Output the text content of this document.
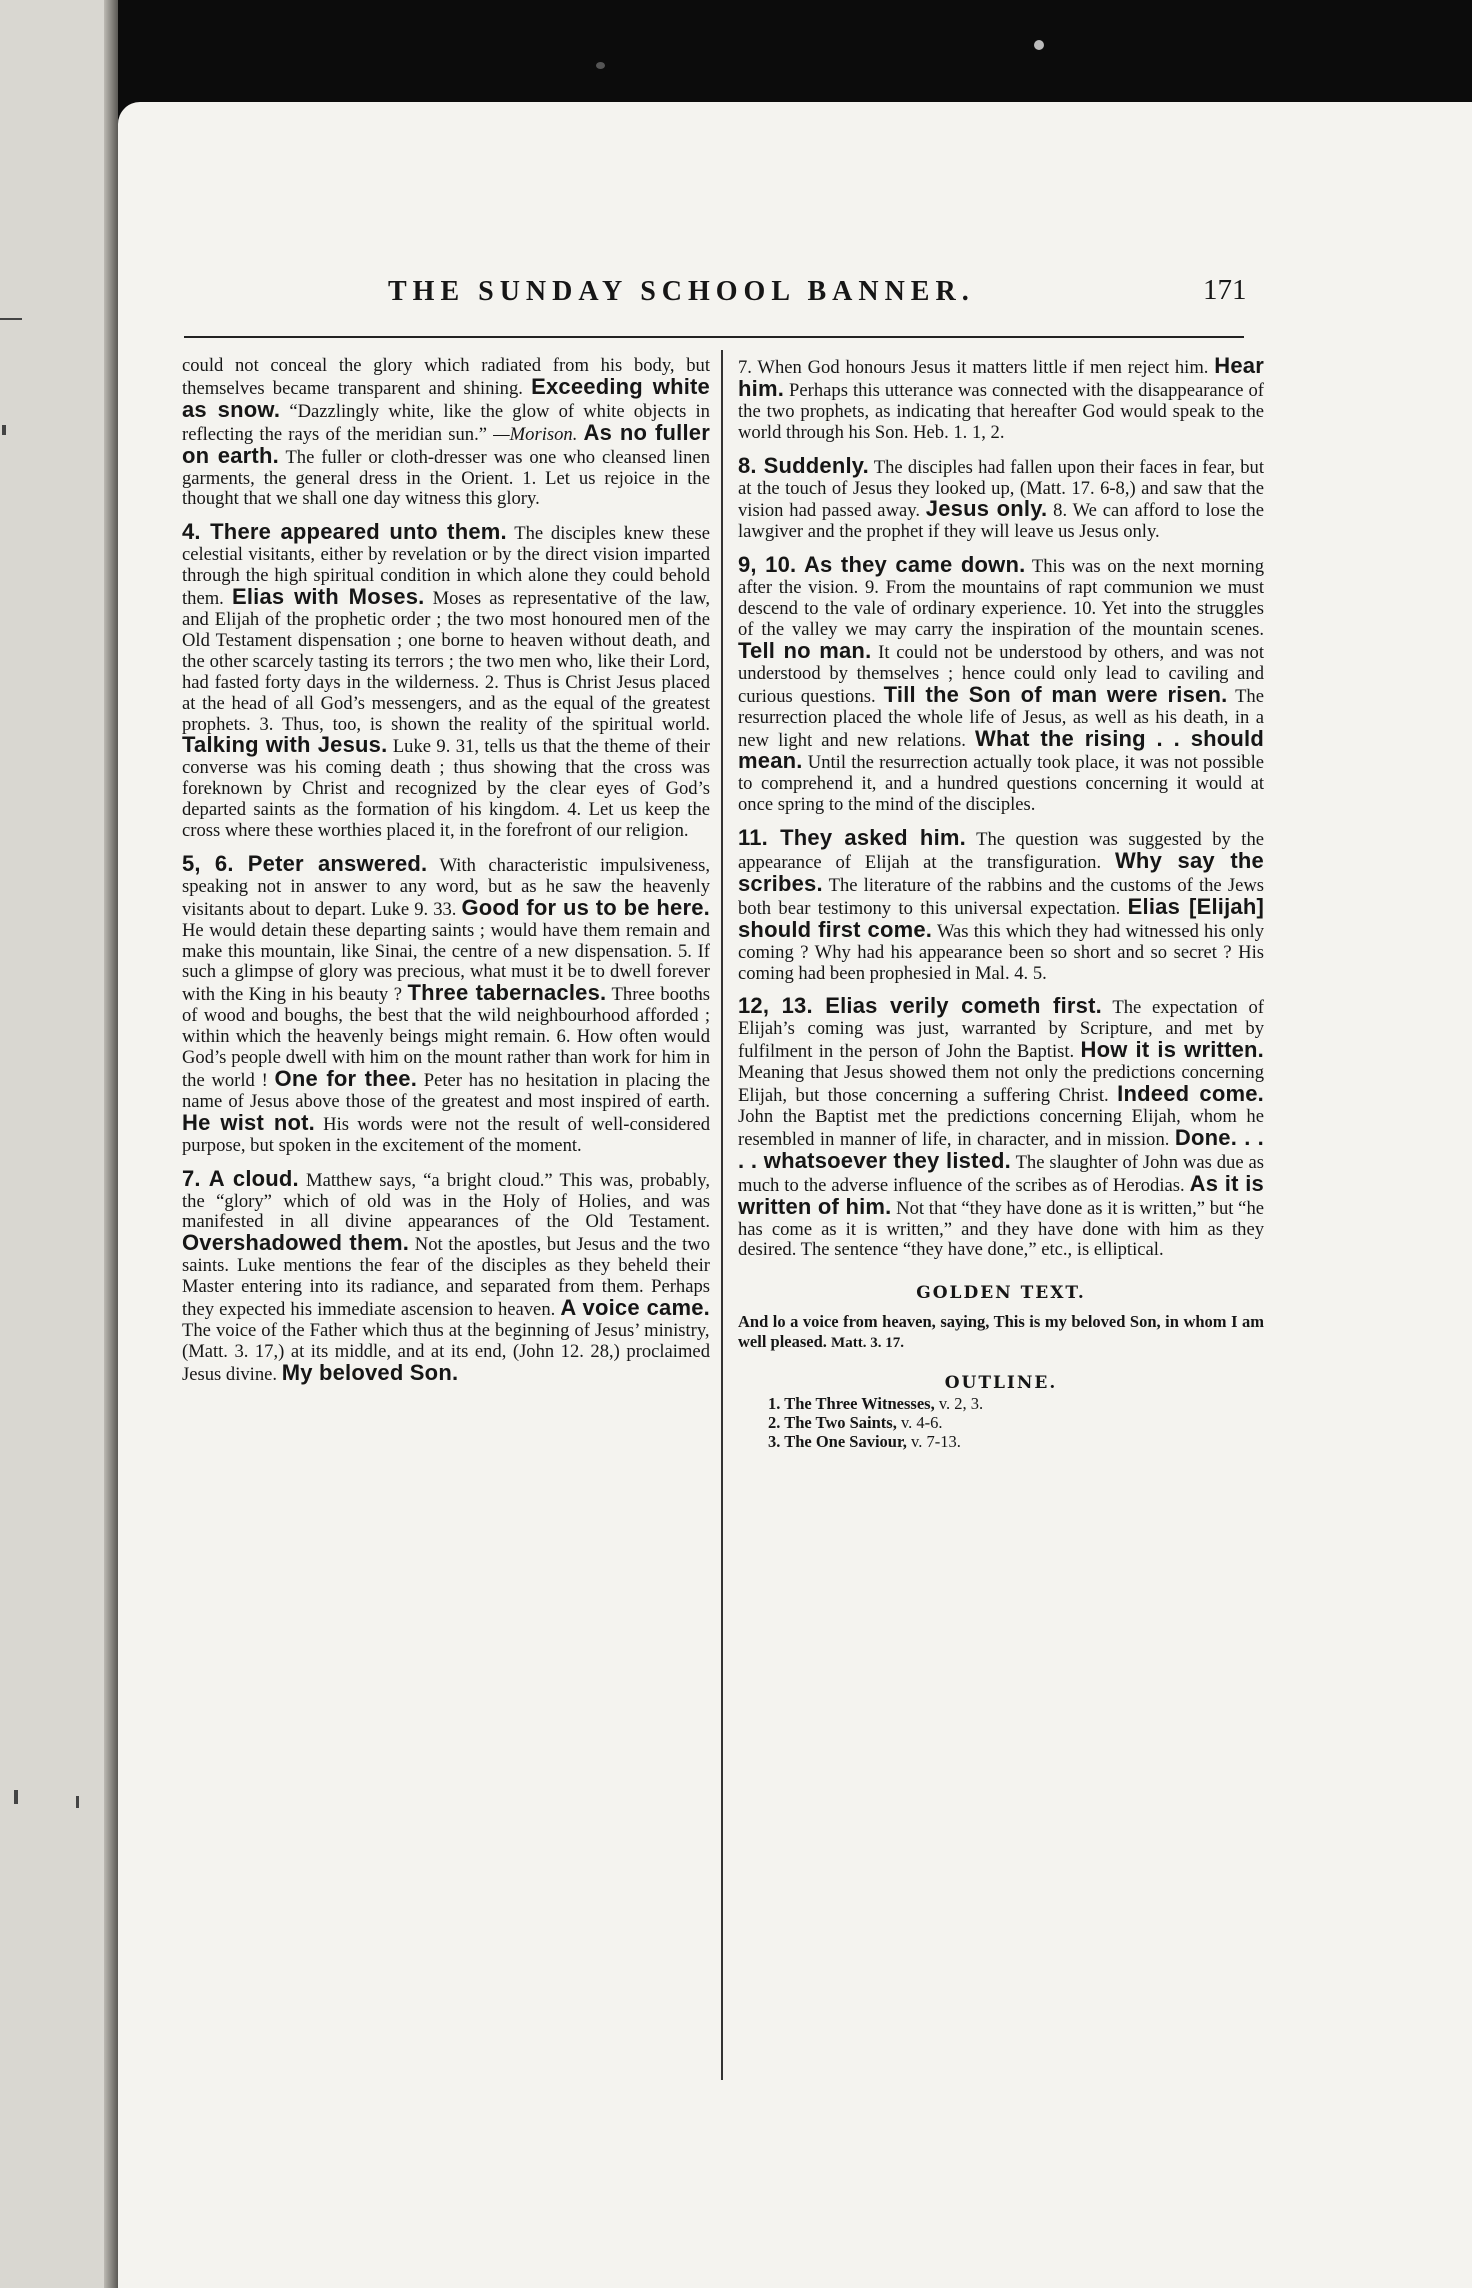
THE SUNDAY SCHOOL BANNER.	171

could not conceal the glory which radiated from his body, but themselves became transparent and shining. Exceeding white as snow. “Dazzlingly white, like the glow of white objects in reflecting the rays of the meridian sun.” —Morison. As no fuller on earth. The fuller or cloth-dresser was one who cleansed linen garments, the general dress in the Orient. 1. Let us rejoice in the thought that we shall one day witness this glory.

4. There appeared unto them. The disciples knew these celestial visitants, either by revelation or by the direct vision imparted through the high spiritual condition in which alone they could behold them. Elias with Moses. Moses as representative of the law, and Elijah of the prophetic order ; the two most honoured men of the Old Testament dispensation ; one borne to heaven without death, and the other scarcely tasting its terrors ; the two men who, like their Lord, had fasted forty days in the wilderness. 2. Thus is Christ Jesus placed at the head of all God’s messengers, and as the equal of the greatest prophets. 3. Thus, too, is shown the reality of the spiritual world. Talking with Jesus. Luke 9. 31, tells us that the theme of their converse was his coming death ; thus showing that the cross was foreknown by Christ and recognized by the clear eyes of God’s departed saints as the formation of his kingdom. 4. Let us keep the cross where these worthies placed it, in the forefront of our religion.

5, 6. Peter answered. With characteristic impulsiveness, speaking not in answer to any word, but as he saw the heavenly visitants about to depart. Luke 9. 33. Good for us to be here. He would detain these departing saints ; would have them remain and make this mountain, like Sinai, the centre of a new dispensation. 5. If such a glimpse of glory was precious, what must it be to dwell forever with the King in his beauty ? Three tabernacles. Three booths of wood and boughs, the best that the wild neighbourhood afforded ; within which the heavenly beings might remain. 6. How often would God’s people dwell with him on the mount rather than work for him in the world ! One for thee. Peter has no hesitation in placing the name of Jesus above those of the greatest and most inspired of earth. He wist not. His words were not the result of well-considered purpose, but spoken in the excitement of the moment.

7. A cloud. Matthew says, “a bright cloud.” This was, probably, the “glory” which of old was in the Holy of Holies, and was manifested in all divine appearances of the Old Testament. Overshadowed them. Not the apostles, but Jesus and the two saints. Luke mentions the fear of the disciples as they beheld their Master entering into its radiance, and separated from them. Perhaps they expected his immediate ascension to heaven. A voice came. The voice of the Father which thus at the beginning of Jesus’ ministry, (Matt. 3. 17,) at its middle, and at its end, (John 12. 28,) proclaimed Jesus divine. My beloved Son.

7. When God honours Jesus it matters little if men reject him. Hear him. Perhaps this utterance was connected with the disappearance of the two prophets, as indicating that hereafter God would speak to the world through his Son. Heb. 1. 1, 2.

8. Suddenly. The disciples had fallen upon their faces in fear, but at the touch of Jesus they looked up, (Matt. 17. 6-8,) and saw that the vision had passed away. Jesus only. 8. We can afford to lose the lawgiver and the prophet if they will leave us Jesus only.

9, 10. As they came down. This was on the next morning after the vision. 9. From the mountains of rapt communion we must descend to the vale of ordinary experience. 10. Yet into the struggles of the valley we may carry the inspiration of the mountain scenes. Tell no man. It could not be understood by others, and was not understood by themselves ; hence could only lead to caviling and curious questions. Till the Son of man were risen. The resurrection placed the whole life of Jesus, as well as his death, in a new light and new relations. What the rising . . should mean. Until the resurrection actually took place, it was not possible to comprehend it, and a hundred questions concerning it would at once spring to the mind of the disciples.

11. They asked him. The question was suggested by the appearance of Elijah at the transfiguration. Why say the scribes. The literature of the rabbins and the customs of the Jews both bear testimony to this universal expectation. Elias [Elijah] should first come. Was this which they had witnessed his only coming ? Why had his appearance been so short and so secret ? His coming had been prophesied in Mal. 4. 5.

12, 13. Elias verily cometh first. The expectation of Elijah’s coming was just, warranted by Scripture, and met by fulfilment in the person of John the Baptist. How it is written. Meaning that Jesus showed them not only the predictions concerning Elijah, but those concerning a suffering Christ. Indeed come. John the Baptist met the predictions concerning Elijah, whom he resembled in manner of life, in character, and in mission. Done. . . . . whatsoever they listed. The slaughter of John was due as much to the adverse influence of the scribes as of Herodias. As it is written of him. Not that “they have done as it is written,” but “he has come as it is written,” and they have done with him as they desired. The sentence “they have done,” etc., is elliptical.

GOLDEN TEXT.
And lo a voice from heaven, saying, This is my beloved Son, in whom I am well pleased. Matt. 3. 17.
OUTLINE.
1. The Three Witnesses, v. 2, 3.
2. The Two Saints, v. 4-6.
3. The One Saviour, v. 7-13.
